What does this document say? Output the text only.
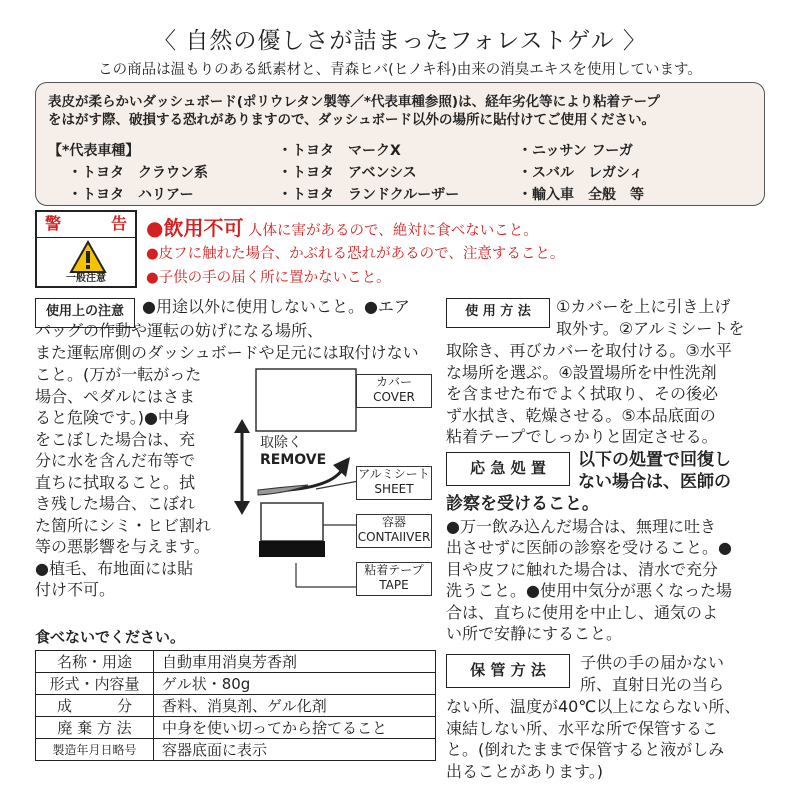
〈 自然の優しさが詰まったフォレストゲル 〉
この商品は温もりのある紙素材と、青森ヒバ(ヒノキ科)由来の消臭エキスを使用しています。
表皮が柔らかいダッシュボード(ポリウレタン製等／*代表車種参照)は、経年劣化等により粘着テープ
をはがす際、破損する恐れがありますので、ダッシュボード以外の場所に貼付けてご使用ください。
【*代表車種】	・トヨタ　マークX	・ニッサン フーガ
・トヨタ　クラウン系	・トヨタ　アベンシス	・スバル　レガシィ
・トヨタ　ハリアー	・トヨタ　ランドクルーザー	・輸入車　全般　等
警	告
一般注意
●飲用不可 人体に害があるので、絶対に食べないこと。
●皮フに触れた場合、かぶれる恐れがあるので、注意すること。
●子供の手の届く所に置かないこと。
使用上の注意	●用途以外に使用しないこと。●エア
バッグの作動や運転の妨げになる場所、
また運転席側のダッシュボードや足元には取付けない
こと。(万が一転がった
場合、ペダルにはさま
ると危険です。)●中身
をこぼした場合は、充
分に水を含んだ布等で
直ちに拭取ること。拭
き残した場合、こぼれ
た箇所にシミ・ヒビ割れ
等の悪影響を与えます。
●植毛、布地面には貼
付け不可。
カバー
COVER
取除く
REMOVE
アルミシート
SHEET
容器
CONTAIIVER
粘着テープ
TAPE
食べないでください。
名称・用途	自動車用消臭芳香剤
形式・内容量	ゲル状・80g
成　　　分	香料、消臭剤、ゲル化剤
廃 棄 方 法	中身を使い切ってから捨てること
製造年月日略号	容器底面に表示
使 用 方 法	①カバーを上に引き上げ
取外す。②アルミシートを
取除き、再びカバーを取付ける。③水平
な場所を選ぶ。④設置場所を中性洗剤
を含ませた布でよく拭取り、その後必
ず水拭き、乾燥させる。⑤本品底面の
粘着テープでしっかりと固定させる。
応 急 処 置	以下の処置で回復し
ない場合は、医師の
診察を受けること。
●万一飲み込んだ場合は、無理に吐き
出させずに医師の診察を受けること。●
目や皮フに触れた場合は、清水で充分
洗うこと。●使用中気分が悪くなった場
合は、直ちに使用を中止し、通気のよ
い所で安静にすること。
保 管 方 法	子供の手の届かない
所、直射日光の当ら
ない所、温度が40℃以上にならない所、
凍結しない所、水平な所で保管するこ
と。(倒れたままで保管すると液がしみ
出ることがあります。)
